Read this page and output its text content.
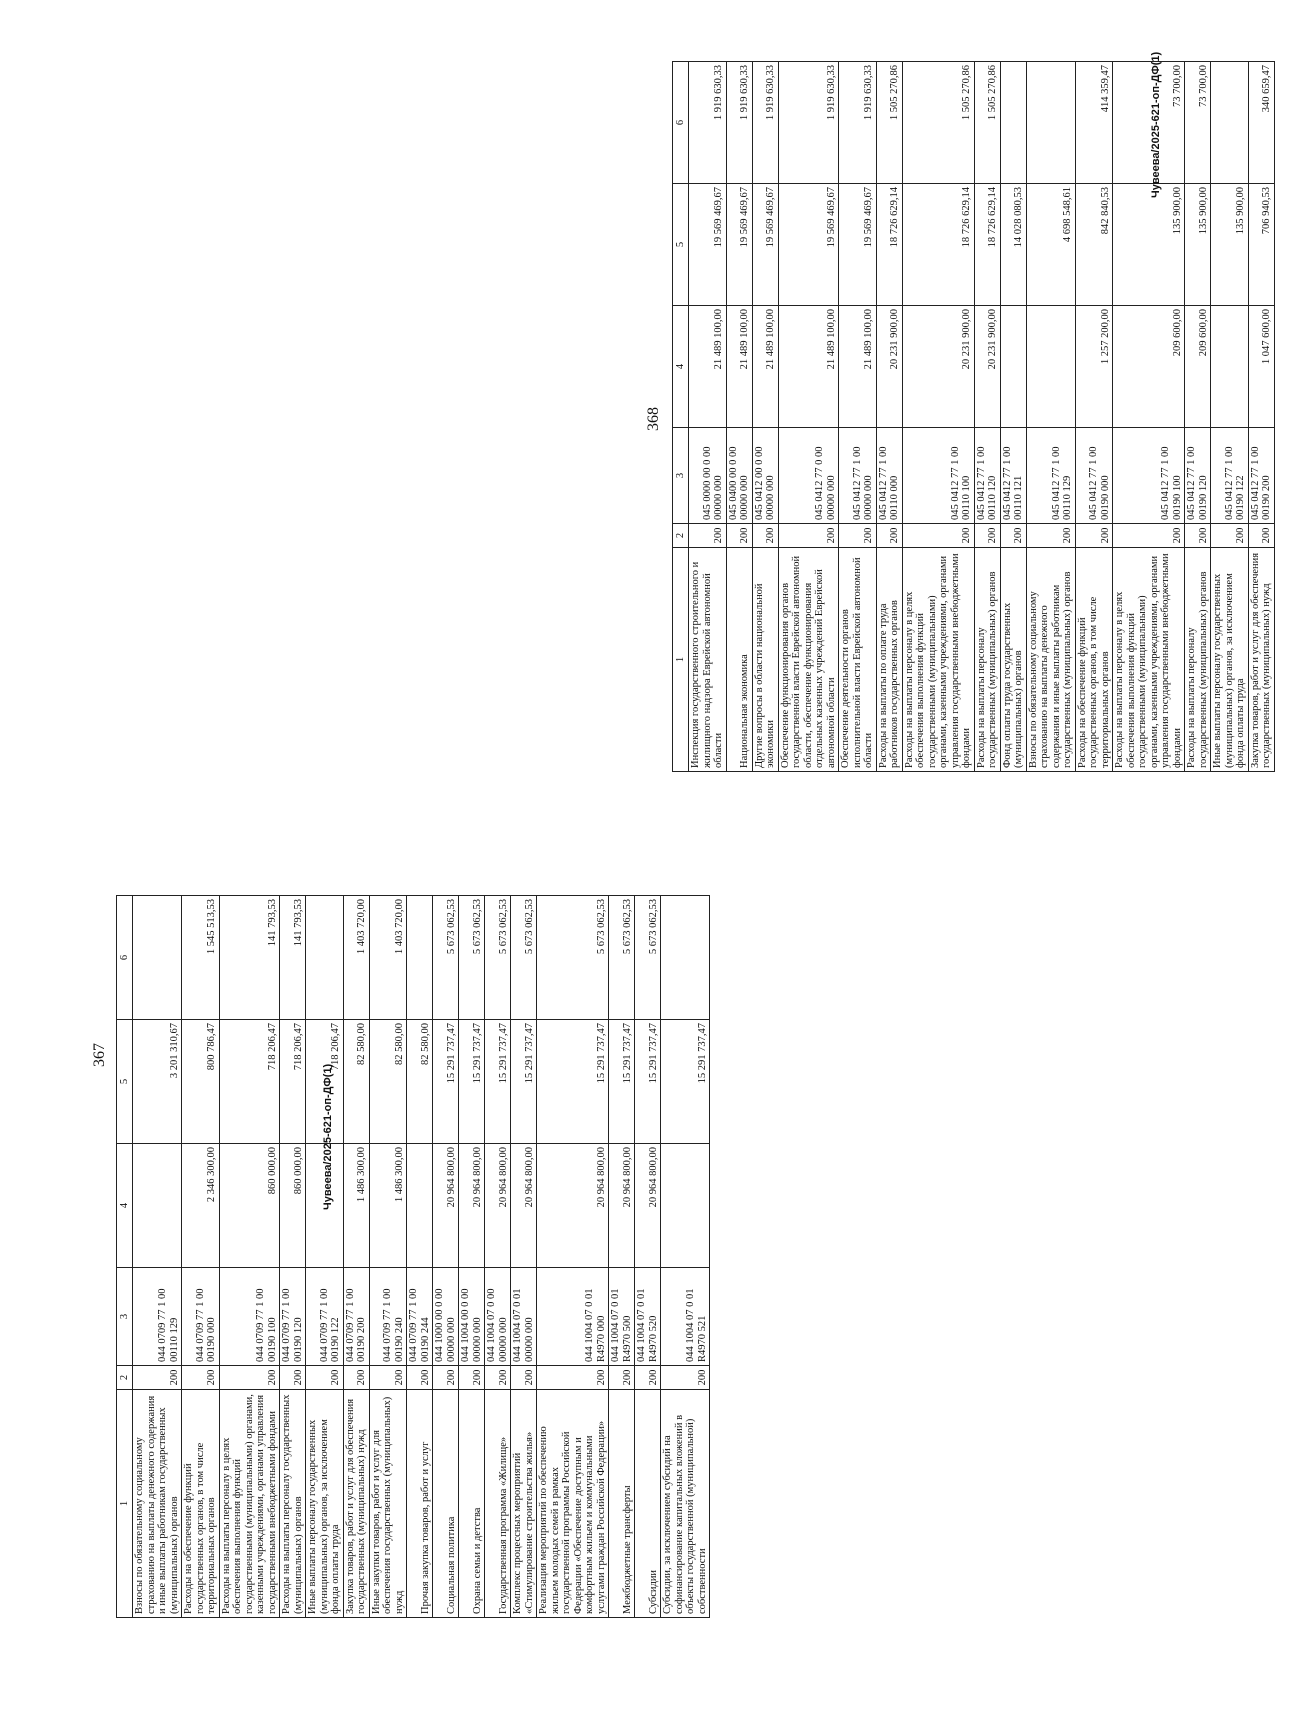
367
1	2	3	4	5	6
Взносы по обязательному социальному страхованию на выплаты денежного содержания и иные выплаты работникам государственных (муниципальных) органов	200	044 0709 77 1 00 00110 129		3 201 310,67	
Расходы на обеспечение функций государственных органов, в том числе территориальных органов	200	044 0709 77 1 00 00190 000	2 346 300,00	800 786,47	1 545 513,53
Расходы на выплаты персоналу в целях обеспечения выполнения функций государственными (муниципальными) органами, казенными учреждениями, органами управления государственными внебюджетными фондами	200	044 0709 77 1 00 00190 100	860 000,00	718 206,47	141 793,53
Расходы на выплаты персоналу государственных (муниципальных) органов	200	044 0709 77 1 00 00190 120	860 000,00	718 206,47	141 793,53
Иные выплаты персоналу государственных (муниципальных) органов, за исключением фонда оплаты труда	200	044 0709 77 1 00 00190 122		718 206,47	
Закупка товаров, работ и услуг для обеспечения государственных (муниципальных) нужд	200	044 0709 77 1 00 00190 200	1 486 300,00	82 580,00	1 403 720,00
Иные закупки товаров, работ и услуг для обеспечения государственных (муниципальных) нужд	200	044 0709 77 1 00 00190 240	1 486 300,00	82 580,00	1 403 720,00
Прочая закупка товаров, работ и услуг	200	044 0709 77 1 00 00190 244		82 580,00	
Социальная политика	200	044 1000 00 0 00 00000 000	20 964 800,00	15 291 737,47	5 673 062,53
Охрана семьи и детства	200	044 1004 00 0 00 00000 000	20 964 800,00	15 291 737,47	5 673 062,53
Государственная программа «Жилище»	200	044 1004 07 0 00 00000 000	20 964 800,00	15 291 737,47	5 673 062,53
Комплекс процессных мероприятий «Стимулирование строительства жилья»	200	044 1004 07 0 01 00000 000	20 964 800,00	15 291 737,47	5 673 062,53
Реализация мероприятий по обеспечению жильем молодых семей в рамках государственной программы Российской Федерации «Обеспечение доступным и комфортным жильем и коммунальными услугами граждан Российской Федерации»	200	044 1004 07 0 01 R4970 000	20 964 800,00	15 291 737,47	5 673 062,53
Межбюджетные трансферты	200	044 1004 07 0 01 R4970 500	20 964 800,00	15 291 737,47	5 673 062,53
Субсидии	200	044 1004 07 0 01 R4970 520	20 964 800,00	15 291 737,47	5 673 062,53
Субсидии, за исключением субсидий на софинансирование капитальных вложений в объекты государственной (муниципальной) собственности	200	044 1004 07 0 01 R4970 521		15 291 737,47	
Чувеева/2025-621-оп-ДФ(1)
368
1	2	3	4	5	6
Инспекция государственного строительного и жилищного надзора Еврейской автономной области	200	045 0000 00 0 00 00000 000	21 489 100,00	19 569 469,67	1 919 630,33
Национальная экономика	200	045 0400 00 0 00 00000 000	21 489 100,00	19 569 469,67	1 919 630,33
Другие вопросы в области национальной экономики	200	045 0412 00 0 00 00000 000	21 489 100,00	19 569 469,67	1 919 630,33
Обеспечение функционирования органов государственной власти Еврейской автономной области, обеспечение функционирования отдельных казенных учреждений Еврейской автономной области	200	045 0412 77 0 00 00000 000	21 489 100,00	19 569 469,67	1 919 630,33
Обеспечение деятельности органов исполнительной власти Еврейской автономной области	200	045 0412 77 1 00 00000 000	21 489 100,00	19 569 469,67	1 919 630,33
Расходы на выплаты по оплате труда работников государственных органов	200	045 0412 77 1 00 00110 000	20 231 900,00	18 726 629,14	1 505 270,86
Расходы на выплаты персоналу в целях обеспечения выполнения функций государственными (муниципальными) органами, казенными учреждениями, органами управления государственными внебюджетными фондами	200	045 0412 77 1 00 00110 100	20 231 900,00	18 726 629,14	1 505 270,86
Расходы на выплаты персоналу государственных (муниципальных) органов	200	045 0412 77 1 00 00110 120	20 231 900,00	18 726 629,14	1 505 270,86
Фонд оплаты труда государственных (муниципальных) органов	200	045 0412 77 1 00 00110 121		14 028 080,53	
Взносы по обязательному социальному страхованию на выплаты денежного содержания и иные выплаты работникам государственных (муниципальных) органов	200	045 0412 77 1 00 00110 129		4 698 548,61	
Расходы на обеспечение функций государственных органов, в том числе территориальных органов	200	045 0412 77 1 00 00190 000	1 257 200,00	842 840,53	414 359,47
Расходы на выплаты персоналу в целях обеспечения выполнения функций государственными (муниципальными) органами, казенными учреждениями, органами управления государственными внебюджетными фондами	200	045 0412 77 1 00 00190 100	209 600,00	135 900,00	73 700,00
Расходы на выплаты персоналу государственных (муниципальных) органов	200	045 0412 77 1 00 00190 120	209 600,00	135 900,00	73 700,00
Иные выплаты персоналу государственных (муниципальных) органов, за исключением фонда оплаты труда	200	045 0412 77 1 00 00190 122		135 900,00	
Закупка товаров, работ и услуг для обеспечения государственных (муниципальных) нужд	200	045 0412 77 1 00 00190 200	1 047 600,00	706 940,53	340 659,47
Чувеева/2025-621-оп-ДФ(1)
